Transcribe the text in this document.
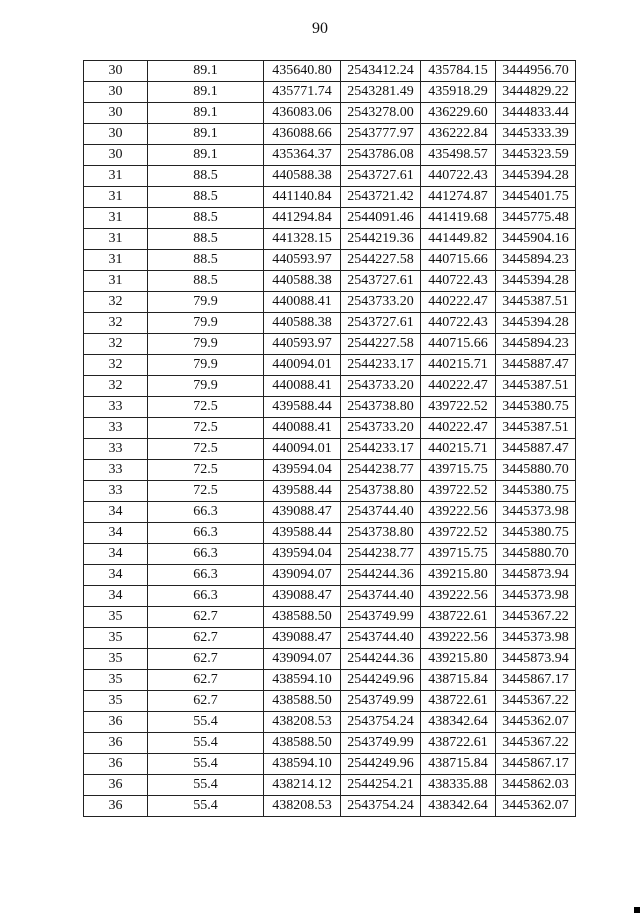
90
30	89.1	435640.80	2543412.24	435784.15	3444956.70
30	89.1	435771.74	2543281.49	435918.29	3444829.22
30	89.1	436083.06	2543278.00	436229.60	3444833.44
30	89.1	436088.66	2543777.97	436222.84	3445333.39
30	89.1	435364.37	2543786.08	435498.57	3445323.59
31	88.5	440588.38	2543727.61	440722.43	3445394.28
31	88.5	441140.84	2543721.42	441274.87	3445401.75
31	88.5	441294.84	2544091.46	441419.68	3445775.48
31	88.5	441328.15	2544219.36	441449.82	3445904.16
31	88.5	440593.97	2544227.58	440715.66	3445894.23
31	88.5	440588.38	2543727.61	440722.43	3445394.28
32	79.9	440088.41	2543733.20	440222.47	3445387.51
32	79.9	440588.38	2543727.61	440722.43	3445394.28
32	79.9	440593.97	2544227.58	440715.66	3445894.23
32	79.9	440094.01	2544233.17	440215.71	3445887.47
32	79.9	440088.41	2543733.20	440222.47	3445387.51
33	72.5	439588.44	2543738.80	439722.52	3445380.75
33	72.5	440088.41	2543733.20	440222.47	3445387.51
33	72.5	440094.01	2544233.17	440215.71	3445887.47
33	72.5	439594.04	2544238.77	439715.75	3445880.70
33	72.5	439588.44	2543738.80	439722.52	3445380.75
34	66.3	439088.47	2543744.40	439222.56	3445373.98
34	66.3	439588.44	2543738.80	439722.52	3445380.75
34	66.3	439594.04	2544238.77	439715.75	3445880.70
34	66.3	439094.07	2544244.36	439215.80	3445873.94
34	66.3	439088.47	2543744.40	439222.56	3445373.98
35	62.7	438588.50	2543749.99	438722.61	3445367.22
35	62.7	439088.47	2543744.40	439222.56	3445373.98
35	62.7	439094.07	2544244.36	439215.80	3445873.94
35	62.7	438594.10	2544249.96	438715.84	3445867.17
35	62.7	438588.50	2543749.99	438722.61	3445367.22
36	55.4	438208.53	2543754.24	438342.64	3445362.07
36	55.4	438588.50	2543749.99	438722.61	3445367.22
36	55.4	438594.10	2544249.96	438715.84	3445867.17
36	55.4	438214.12	2544254.21	438335.88	3445862.03
36	55.4	438208.53	2543754.24	438342.64	3445362.07
